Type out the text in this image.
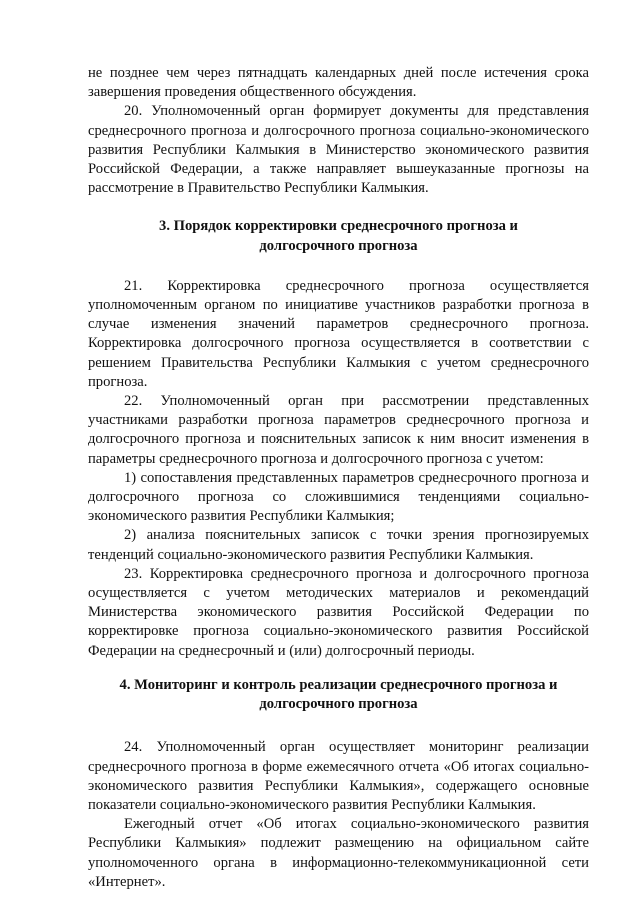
не позднее чем через пятнадцать календарных дней после истечения срока завершения проведения общественного обсуждения.

20. Уполномоченный орган формирует документы для представления среднесрочного прогноза и долгосрочного прогноза социально-экономического развития Республики Калмыкия в Министерство экономического развития Российской Федерации, а также направляет вышеуказанные прогнозы на рассмотрение в Правительство Республики Калмыкия.

3. Порядок корректировки среднесрочного прогноза и
долгосрочного прогноза

21. Корректировка среднесрочного прогноза осуществляется уполномоченным органом по инициативе участников разработки прогноза в случае изменения значений параметров среднесрочного прогноза. Корректировка долгосрочного прогноза осуществляется в соответствии с решением Правительства Республики Калмыкия с учетом среднесрочного прогноза.

22. Уполномоченный орган при рассмотрении представленных участниками разработки прогноза параметров среднесрочного прогноза и долгосрочного прогноза и пояснительных записок к ним вносит изменения в параметры среднесрочного прогноза и долгосрочного прогноза с учетом:

1) сопоставления представленных параметров среднесрочного прогноза и долгосрочного прогноза со сложившимися тенденциями социально-экономического развития Республики Калмыкия;

2) анализа пояснительных записок с точки зрения прогнозируемых тенденций социально-экономического развития Республики Калмыкия.

23. Корректировка среднесрочного прогноза и долгосрочного прогноза осуществляется с учетом методических материалов и рекомендаций Министерства экономического развития Российской Федерации по корректировке прогноза социально-экономического развития Российской Федерации на среднесрочный и (или) долгосрочный периоды.

4. Мониторинг и контроль реализации среднесрочного прогноза и
долгосрочного прогноза

24. Уполномоченный орган осуществляет мониторинг реализации среднесрочного прогноза в форме ежемесячного отчета «Об итогах социально-экономического развития Республики Калмыкия», содержащего основные показатели социально-экономического развития Республики Калмыкия.

Ежегодный отчет «Об итогах социально-экономического развития Республики Калмыкия» подлежит размещению на официальном сайте уполномоченного органа в информационно-телекоммуникационной сети «Интернет».
